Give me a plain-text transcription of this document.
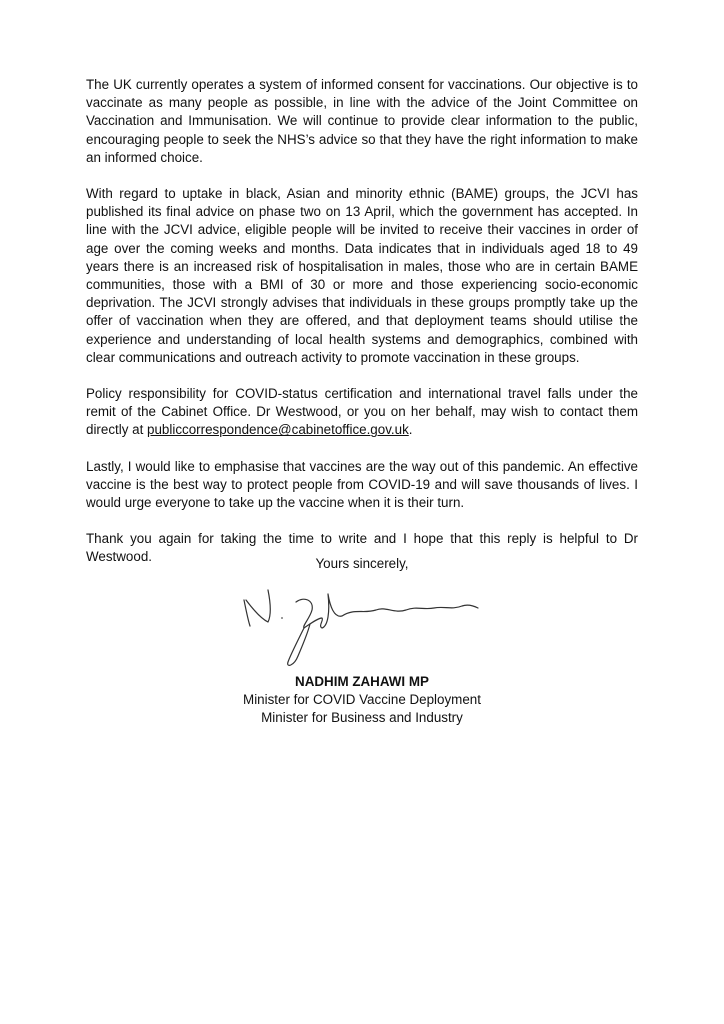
The UK currently operates a system of informed consent for vaccinations. Our objective is to vaccinate as many people as possible, in line with the advice of the Joint Committee on Vaccination and Immunisation. We will continue to provide clear information to the public, encouraging people to seek the NHS’s advice so that they have the right information to make an informed choice.

With regard to uptake in black, Asian and minority ethnic (BAME) groups, the JCVI has published its final advice on phase two on 13 April, which the government has accepted. In line with the JCVI advice, eligible people will be invited to receive their vaccines in order of age over the coming weeks and months. Data indicates that in individuals aged 18 to 49 years there is an increased risk of hospitalisation in males, those who are in certain BAME communities, those with a BMI of 30 or more and those experiencing socio-economic deprivation. The JCVI strongly advises that individuals in these groups promptly take up the offer of vaccination when they are offered, and that deployment teams should utilise the experience and understanding of local health systems and demographics, combined with clear communications and outreach activity to promote vaccination in these groups.

Policy responsibility for COVID-status certification and international travel falls under the remit of the Cabinet Office. Dr Westwood, or you on her behalf, may wish to contact them directly at publiccorrespondence@cabinetoffice.gov.uk.

Lastly, I would like to emphasise that vaccines are the way out of this pandemic. An effective vaccine is the best way to protect people from COVID-19 and will save thousands of lives. I would urge everyone to take up the vaccine when it is their turn.

Thank you again for taking the time to write and I hope that this reply is helpful to Dr Westwood.	Yours sincerely,
NADHIM ZAHAWI MP
Minister for COVID Vaccine Deployment
Minister for Business and Industry
